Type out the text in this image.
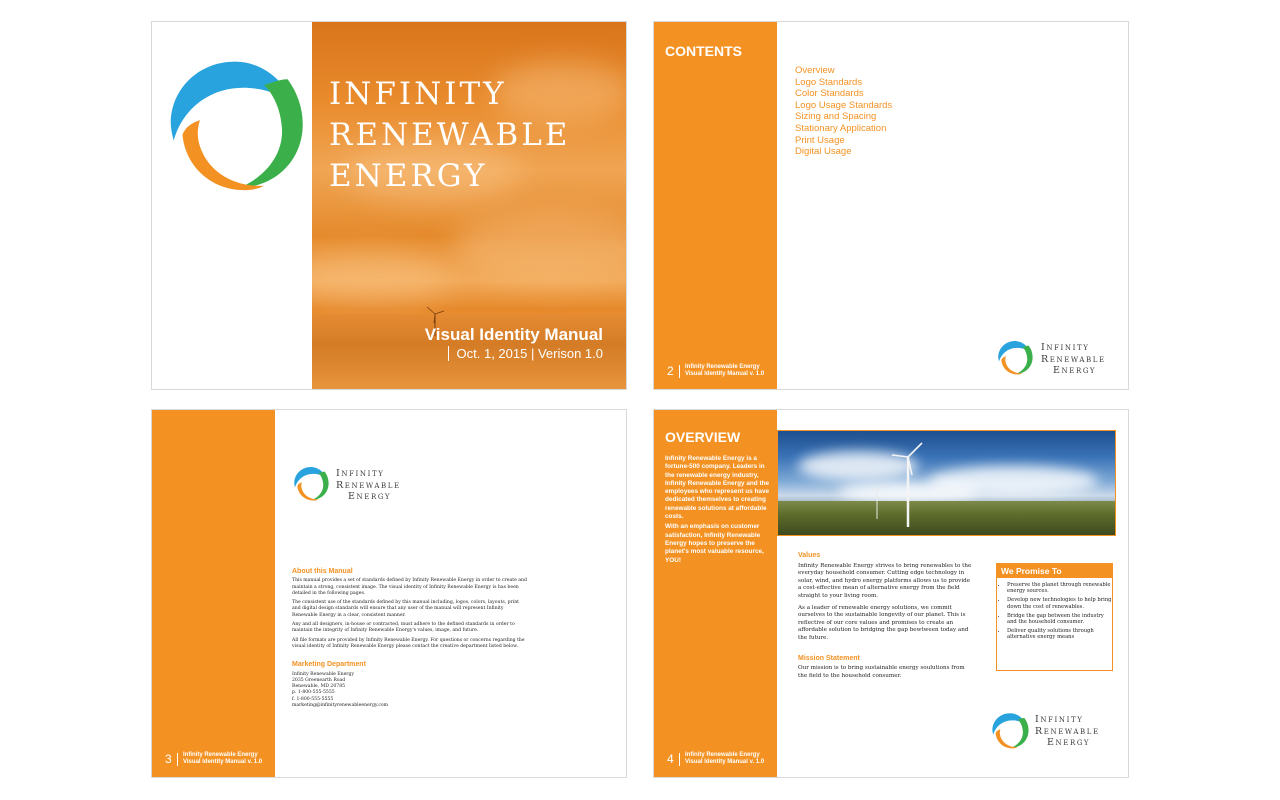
INFINITY
RENEWABLE
ENERGY
Visual Identity Manual
Oct. 1, 2015 | Verison 1.0
CONTENTS
2	Infinity Renewable Energy
Visual Identity Manual v. 1.0
Overview
Logo Standards
Color Standards
Logo Usage Standards
Sizing and Spacing
Stationary Application
Print Usage
Digital Usage
Infinity
Renewable
Energy
3	Infinity Renewable Energy
Visual Identity Manual v. 1.0
Infinity
Renewable
Energy
About this Manual

This manual provides a set of standards defined by Infinity Renewable Energy in order to create and maintain a strong, consistent image. The visual identity of Infinity Renewable Energy is has been detailed in the following pages.

The consistent use of the standards defined by this manual including, logos, colors, layouts, print and digital design standards will ensure that any user of the manual will represent Infinity Renewable Energy in a clear, consistent manner.

Any and all designers, in-house or contracted, must adhere to the defined standards in order to maintain the integrity of Infinity Renewable Energy's values, image, and future.

All file formats are provided by Infinity Renewable Energy. For questions or concerns regarding the visual identity of Infinity Renewable Energy please contact the creative department listed below.

Marketing Department
Infinity Renewable Energy
2035 Greenearth Road
Renewable, MD 20785
p. 1-800-555-5555
f. 1-800-555-5555
marketing@infinityrenewableenergy.com
OVERVIEW

Infinity Renewable Energy is a fortune-500 company. Leaders in the renewable energy industry, Infinity Renewable Energy and the employees who represent us have dedicated themselves to creating renewable solutions at affordable costs.

With an emphasis on customer satisfaction, Infinity Renewable Energy hopes to preserve the planet's most valuable resource, YOU!

4	Infinity Renewable Energy
Visual Identity Manual v. 1.0
Values

Infinity Renewable Energy strives to bring renewables to the everyday household consumer. Cutting edge technology in solar, wind, and hydro energy platforms allows us to provide a cost-effective mean of alternative energy from the field straight to your living room.

As a leader of renewable energy solutions, we commit ourselves to the sustainable longevity of our planet. This is reflective of our core values and promises to create an affordable solution to bridging the gap bewtween today and the future.

Mission Statement

Our mission is to bring sustainable energy soulutions from the field to the household consumer.

We Promise To
• Preserve the planet through renewable energy sources.
• Develop new technologies to help bring down the cost of renewables.
• Bridge the gap between the industry and the household consumer.
• Deliver quality solutions through alternative energy means
Infinity
Renewable
Energy
